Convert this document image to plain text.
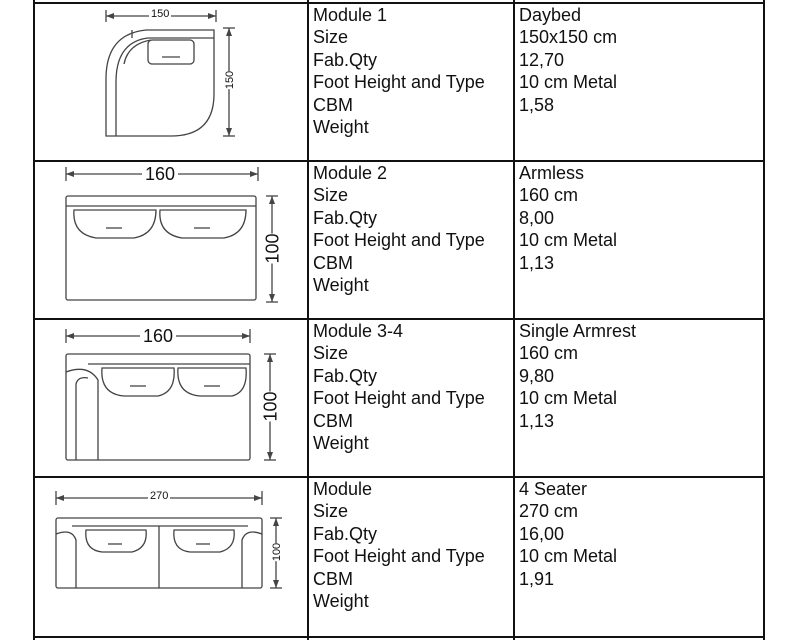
150
150
Module 1
Size
Fab.Qty
Foot Height and Type
CBM
Weight
Daybed
150x150 cm
12,70
10 cm Metal
1,58
160
100
Module 2
Size
Fab.Qty
Foot Height and Type
CBM
Weight
Armless
160 cm
8,00
10 cm Metal
1,13
160
100
Module 3-4
Size
Fab.Qty
Foot Height and Type
CBM
Weight
Single Armrest
160 cm
9,80
10 cm Metal
1,13
270
100
Module
Size
Fab.Qty
Foot Height and Type
CBM
Weight
4 Seater
270 cm
16,00
10 cm Metal
1,91
